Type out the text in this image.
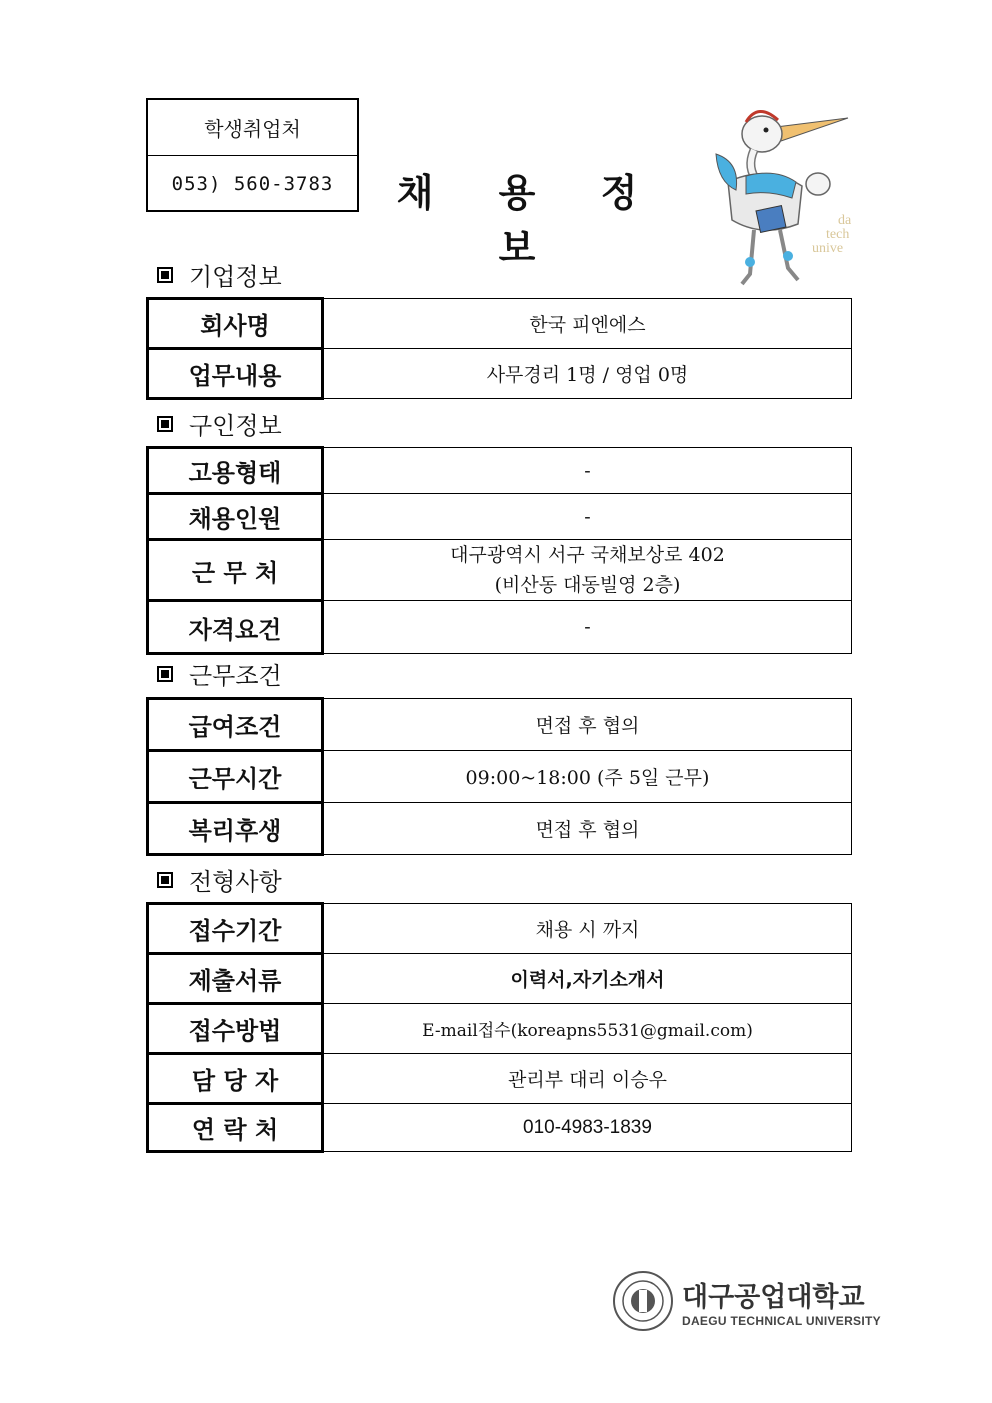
학생취업처
053) 560-3783	채 용 정 보
da
tech
unive
기업정보
회사명	한국 피엔에스
업무내용	사무경리 1명 / 영업 0명
구인정보
고용형태	-
채용인원	-
근 무 처	대구광역시 서구 국채보상로 402
(비산동 대동빌영 2층)

자격요건	-
근무조건
급여조건	면접 후 협의
근무시간	09:00~18:00 (주 5일 근무)
복리후생	면접 후 협의
전형사항
접수기간	채용 시 까지
제출서류	이력서,자기소개서
접수방법	E-mail접수(koreapns5531@gmail.com)
담 당 자	관리부 대리 이승우
연 락 처	010-4983-1839
대구공업대학교
DAEGU TECHNICAL UNIVERSITY
